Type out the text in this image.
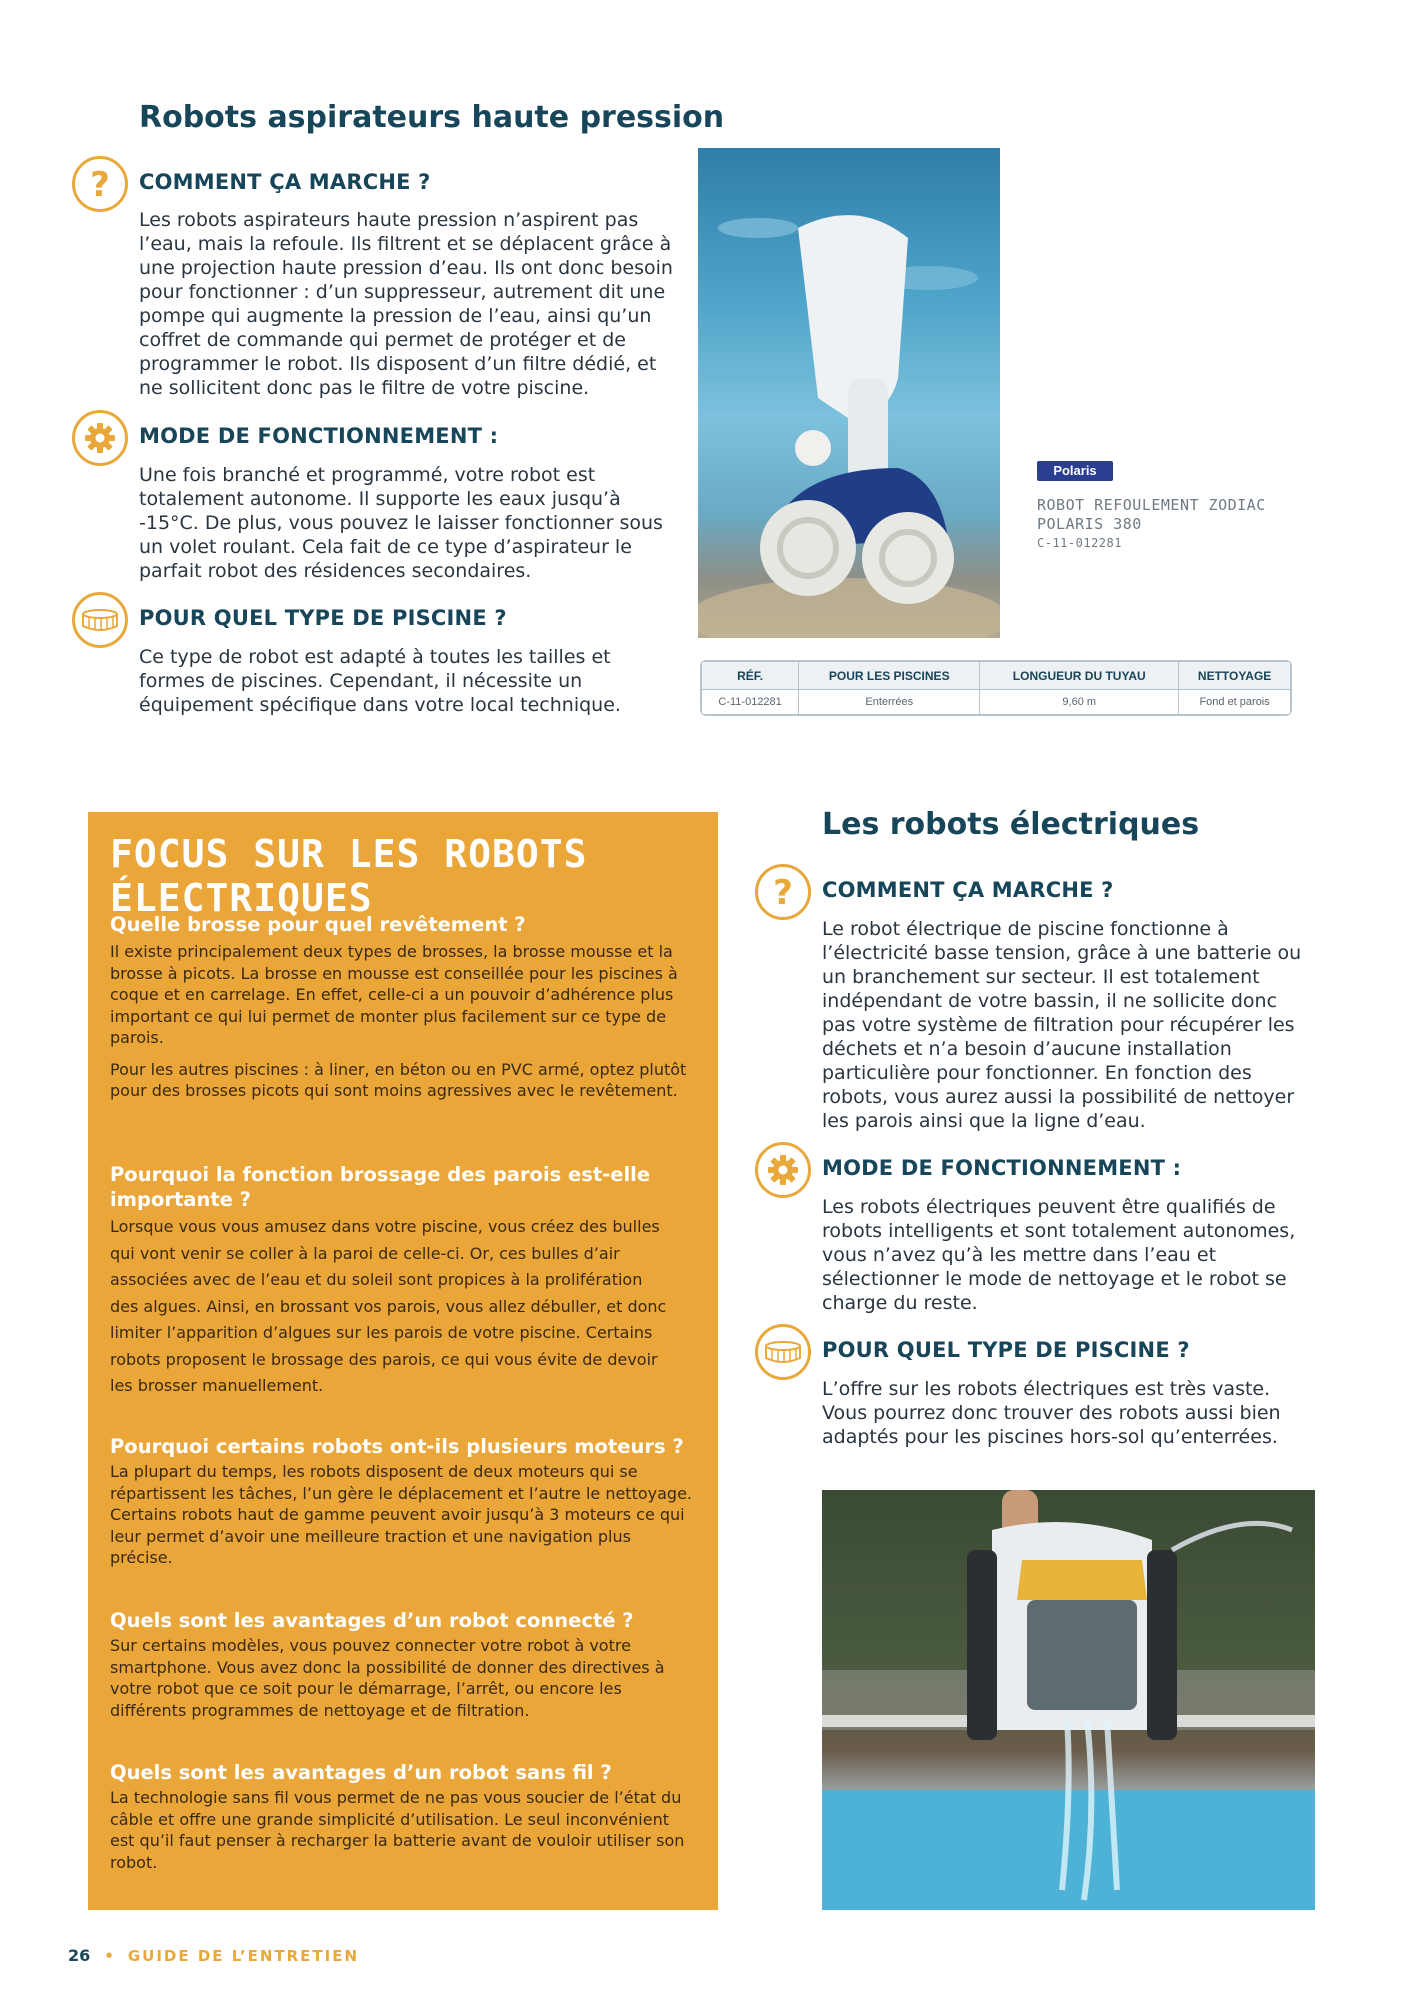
Robots aspirateurs haute pression
? COMMENT ÇA MARCHE ?

Les robots aspirateurs haute pression n’aspirent pas l’eau, mais la refoule. Ils filtrent et se déplacent grâce à une projection haute pression d’eau. Ils ont donc besoin pour fonctionner : d’un suppresseur, autrement dit une pompe qui augmente la pression de l’eau, ainsi qu’un coffret de commande qui permet de protéger et de programmer le robot. Ils disposent d’un filtre dédié, et ne sollicitent donc pas le filtre de votre piscine.

MODE DE FONCTIONNEMENT :

Une fois branché et programmé, votre robot est totalement autonome. Il supporte les eaux jusqu’à -15°C. De plus, vous pouvez le laisser fonctionner sous un volet roulant. Cela fait de ce type d’aspirateur le parfait robot des résidences secondaires.

POUR QUEL TYPE DE PISCINE ?

Ce type de robot est adapté à toutes les tailles et formes de piscines. Cependant, il nécessite un équipement spécifique dans votre local technique.

Polaris
ROBOT REFOULEMENT ZODIAC
POLARIS 380
C-11-012281
RÉF.	POUR LES PISCINES	LONGUEUR DU TUYAU	NETTOYAGE
C-11-012281	Enterrées	9,60 m	Fond et parois
FOCUS SUR LES ROBOTS ÉLECTRIQUES

Quelle brosse pour quel revêtement ?

Il existe principalement deux types de brosses, la brosse mousse et la brosse à picots. La brosse en mousse est conseillée pour les piscines à coque et en carrelage. En effet, celle-ci a un pouvoir d’adhérence plus important ce qui lui permet de monter plus facilement sur ce type de parois.

Pour les autres piscines : à liner, en béton ou en PVC armé, optez plutôt pour des brosses picots qui sont moins agressives avec le revêtement.

Pourquoi la fonction brossage des parois est-elle importante ?

Lorsque vous vous amusez dans votre piscine, vous créez des bulles qui vont venir se coller à la paroi de celle-ci. Or, ces bulles d’air associées avec de l’eau et du soleil sont propices à la prolifération des algues. Ainsi, en brossant vos parois, vous allez débuller, et donc limiter l’apparition d’algues sur les parois de votre piscine. Certains robots proposent le brossage des parois, ce qui vous évite de devoir les brosser manuellement.

Pourquoi certains robots ont-ils plusieurs moteurs ?

La plupart du temps, les robots disposent de deux moteurs qui se répartissent les tâches, l’un gère le déplacement et l’autre le nettoyage. Certains robots haut de gamme peuvent avoir jusqu’à 3 moteurs ce qui leur permet d’avoir une meilleure traction et une navigation plus précise.

Quels sont les avantages d’un robot connecté ?

Sur certains modèles, vous pouvez connecter votre robot à votre smartphone. Vous avez donc la possibilité de donner des directives à votre robot que ce soit pour le démarrage, l’arrêt, ou encore les différents programmes de nettoyage et de filtration.

Quels sont les avantages d’un robot sans fil ?

La technologie sans fil vous permet de ne pas vous soucier de l’état du câble et offre une grande simplicité d’utilisation. Le seul inconvénient est qu’il faut penser à recharger la batterie avant de vouloir utiliser son robot.

Les robots électriques
? COMMENT ÇA MARCHE ?

Le robot électrique de piscine fonctionne à l’électricité basse tension, grâce à une batterie ou un branchement sur secteur. Il est totalement indépendant de votre bassin, il ne sollicite donc pas votre système de filtration pour récupérer les déchets et n’a besoin d’aucune installation particulière pour fonctionner. En fonction des robots, vous aurez aussi la possibilité de nettoyer les parois ainsi que la ligne d’eau.

MODE DE FONCTIONNEMENT :

Les robots électriques peuvent être qualifiés de robots intelligents et sont totalement autonomes, vous n’avez qu’à les mettre dans l’eau et sélectionner le mode de nettoyage et le robot se charge du reste.

POUR QUEL TYPE DE PISCINE ?

L’offre sur les robots électriques est très vaste. Vous pourrez donc trouver des robots aussi bien adaptés pour les piscines hors-sol qu’enterrées.

26 • GUIDE DE L’ENTRETIEN
